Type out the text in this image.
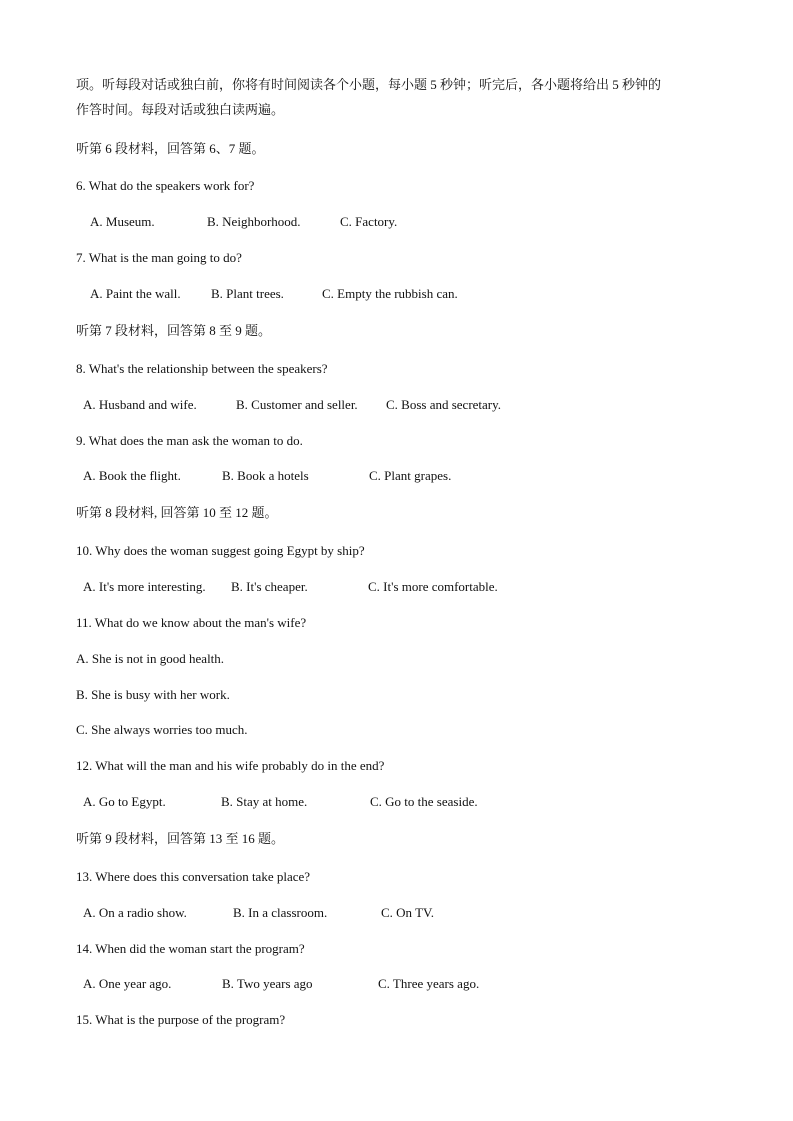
项。听每段对话或独白前，你将有时间阅读各个小题，每小题 5 秒钟；听完后，各小题将给出 5 秒钟的
作答时间。每段对话或独白读两遍。
听第 6 段材料，回答第 6、7 题。
6. What do the speakers work for?
A. Museum.	B. Neighborhood.	C. Factory.
7. What is the man going to do?
A. Paint the wall. B. Plant trees.	C. Empty the rubbish can.
听第 7 段材料，回答第 8 至 9 题。
8. What's the relationship between the speakers?
A. Husband and wife.	B. Customer and seller. C. Boss and secretary.
9. What does the man ask the woman to do.
A. Book the flight.	B. Book a hotels	C. Plant grapes.
听第 8 段材料, 回答第 10 至 12 题。
10. Why does the woman suggest going Egypt by ship?
A. It's more interesting. B. It's cheaper.	C. It's more comfortable.
11. What do we know about the man's wife?
A. She is not in good health.
B. She is busy with her work.
C. She always worries too much.
12. What will the man and his wife probably do in the end?
A. Go to Egypt.	B. Stay at home.	C. Go to the seaside.
听第 9 段材料，回答第 13 至 16 题。
13. Where does this conversation take place?
A. On a radio show.	B. In a classroom.	C. On TV.
14. When did the woman start the program?
A. One year ago.	B. Two years ago	C. Three years ago.
15. What is the purpose of the program?
